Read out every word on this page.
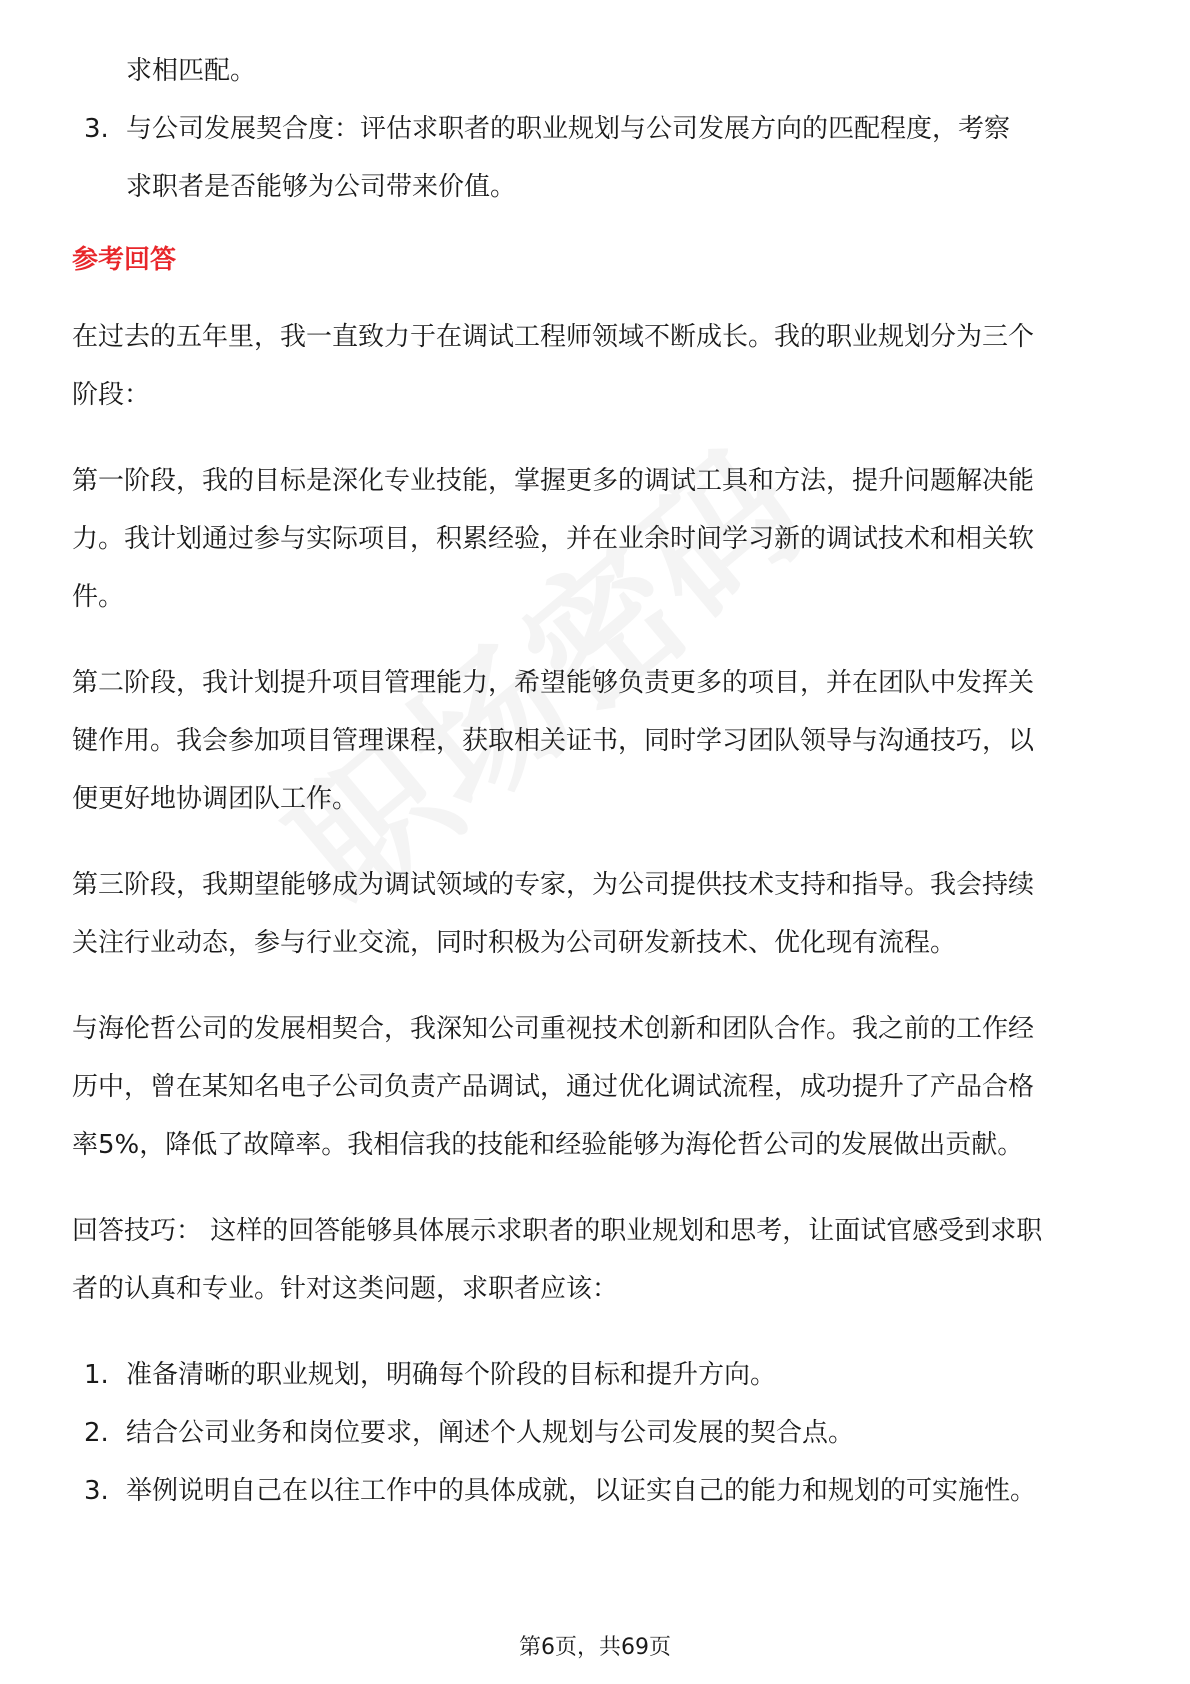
求相匹配。
3. 与公司发展契合度：评估求职者的职业规划与公司发展方向的匹配程度，考察
求职者是否能够为公司带来价值。
参考回答

在过去的五年里，我一直致力于在调试工程师领域不断成长。我的职业规划分为三个阶段：

第一阶段，我的目标是深化专业技能，掌握更多的调试工具和方法，提升问题解决能力。我计划通过参与实际项目，积累经验，并在业余时间学习新的调试技术和相关软件。

第二阶段，我计划提升项目管理能力，希望能够负责更多的项目，并在团队中发挥关键作用。我会参加项目管理课程，获取相关证书，同时学习团队领导与沟通技巧，以便更好地协调团队工作。

第三阶段，我期望能够成为调试领域的专家，为公司提供技术支持和指导。我会持续关注行业动态，参与行业交流，同时积极为公司研发新技术、优化现有流程。

与海伦哲公司的发展相契合，我深知公司重视技术创新和团队合作。我之前的工作经历中，曾在某知名电子公司负责产品调试，通过优化调试流程，成功提升了产品合格率5%，降低了故障率。我相信我的技能和经验能够为海伦哲公司的发展做出贡献。

回答技巧： 这样的回答能够具体展示求职者的职业规划和思考，让面试官感受到求职者的认真和专业。针对这类问题，求职者应该：

1. 准备清晰的职业规划，明确每个阶段的目标和提升方向。
2. 结合公司业务和岗位要求，阐述个人规划与公司发展的契合点。
3. 举例说明自己在以往工作中的具体成就，以证实自己的能力和规划的可实施性。
第6页，共69页
